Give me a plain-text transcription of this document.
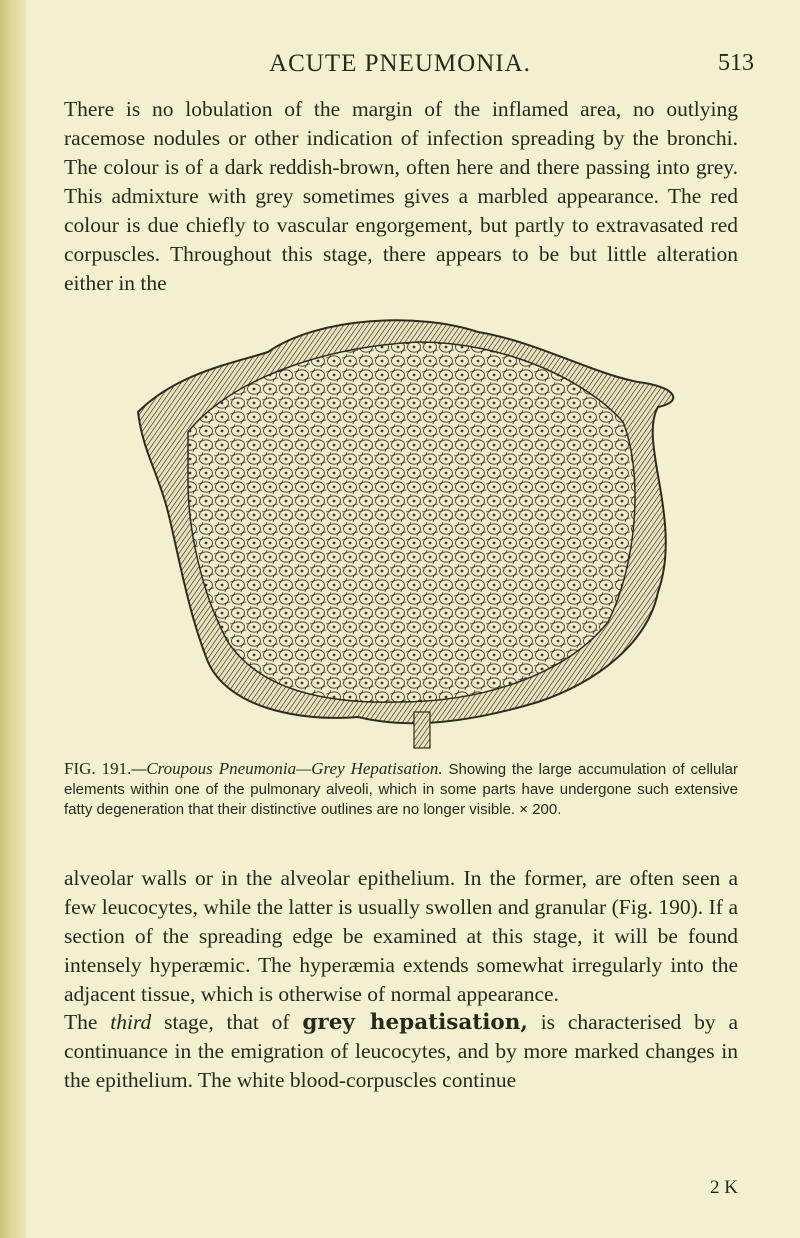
ACUTE PNEUMONIA.	513

There is no lobulation of the margin of the inflamed area, no outlying racemose nodules or other indication of infection spreading by the bronchi. The colour is of a dark reddish-brown, often here and there passing into grey. This admixture with grey sometimes gives a marbled appearance. The red colour is due chiefly to vascular engorgement, but partly to extravasated red corpuscles. Throughout this stage, there appears to be but little alteration either in the

FIG. 191.—Croupous Pneumonia—Grey Hepatisation. Showing the large accumulation of cellular elements within one of the pulmonary alveoli, which in some parts have undergone such extensive fatty degeneration that their distinctive outlines are no longer visible. × 200.

alveolar walls or in the alveolar epithelium. In the former, are often seen a few leucocytes, while the latter is usually swollen and granular (Fig. 190). If a section of the spreading edge be examined at this stage, it will be found intensely hyperæmic. The hyperæmia extends somewhat irregularly into the adjacent tissue, which is otherwise of normal appearance.

The third stage, that of grey hepatisation, is characterised by a continuance in the emigration of leucocytes, and by more marked changes in the epithelium. The white blood-corpuscles continue

2 K
